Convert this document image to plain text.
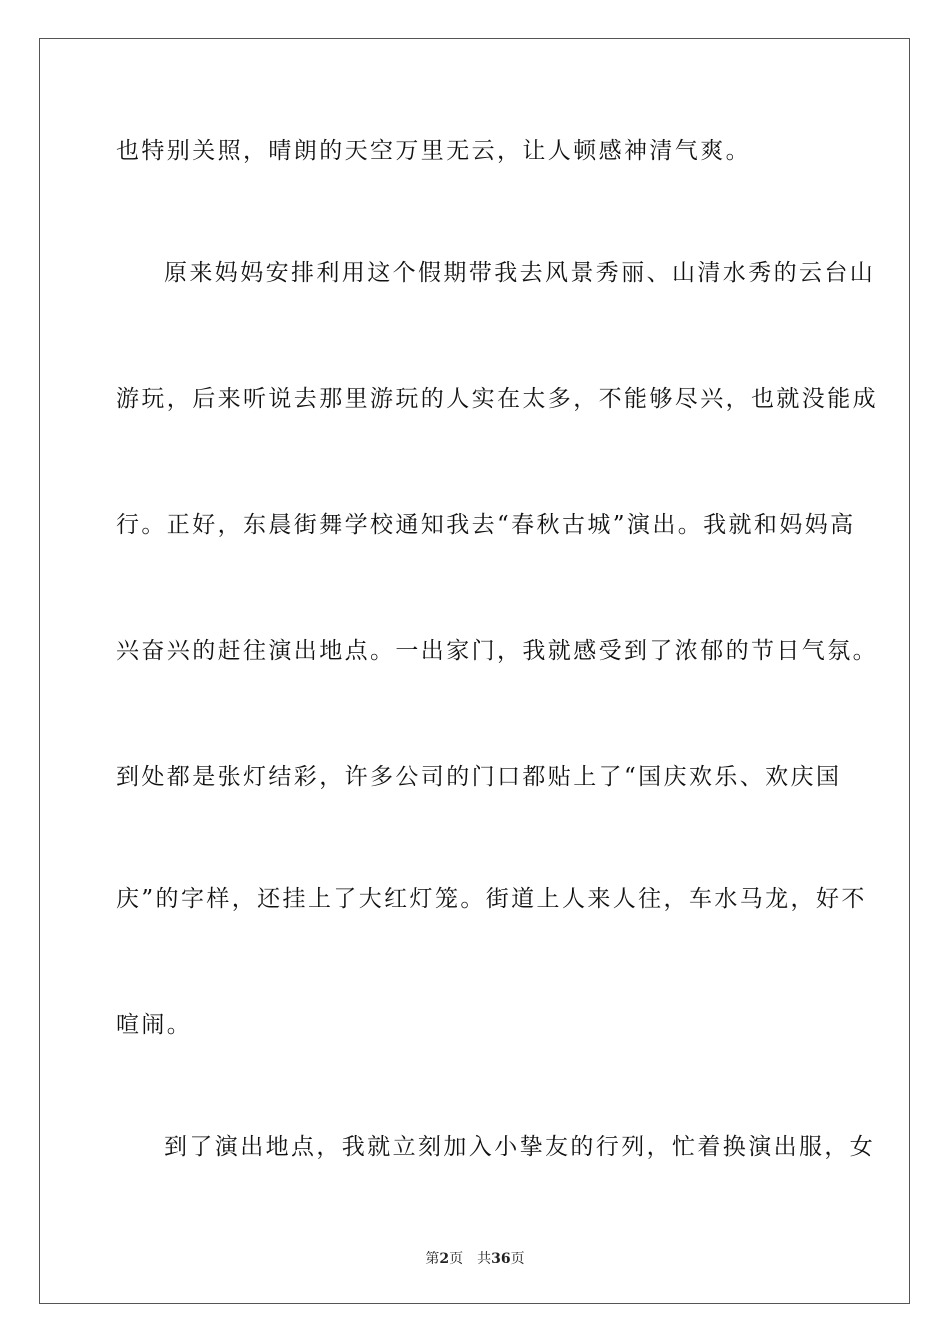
也特别关照，晴朗的天空万里无云，让人顿感神清气爽。
原来妈妈安排利用这个假期带我去风景秀丽、山清水秀的云台山
游玩，后来听说去那里游玩的人实在太多，不能够尽兴，也就没能成
行。正好，东晨街舞学校通知我去“春秋古城”演出。我就和妈妈高
兴奋兴的赶往演出地点。一出家门，我就感受到了浓郁的节日气氛。
到处都是张灯结彩，许多公司的门口都贴上了“国庆欢乐、欢庆国
庆”的字样，还挂上了大红灯笼。街道上人来人往，车水马龙，好不
喧闹。
到了演出地点，我就立刻加入小挚友的行列，忙着换演出服，女
第2页　共36页
